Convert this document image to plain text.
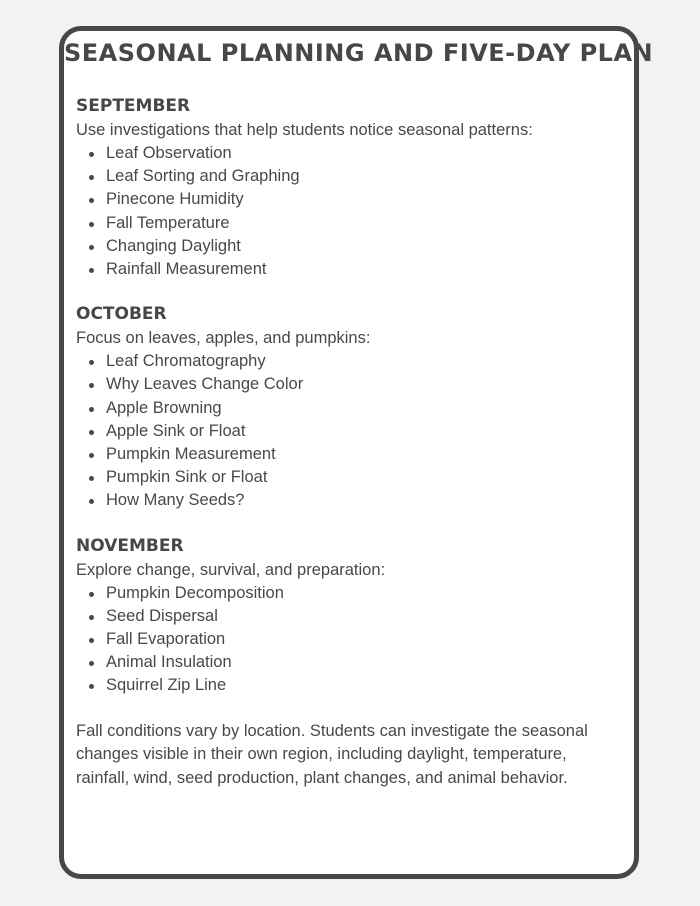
SEASONAL PLANNING AND FIVE-DAY PLAN
SEPTEMBER

Use investigations that help students notice seasonal patterns:

Leaf Observation
Leaf Sorting and Graphing
Pinecone Humidity
Fall Temperature
Changing Daylight
Rainfall Measurement
OCTOBER

Focus on leaves, apples, and pumpkins:

Leaf Chromatography
Why Leaves Change Color
Apple Browning
Apple Sink or Float
Pumpkin Measurement
Pumpkin Sink or Float
How Many Seeds?
NOVEMBER

Explore change, survival, and preparation:

Pumpkin Decomposition
Seed Dispersal
Fall Evaporation
Animal Insulation
Squirrel Zip Line

Fall conditions vary by location. Students can investigate the seasonal changes visible in their own region, including daylight, temperature, rainfall, wind, seed production, plant changes, and animal behavior.
